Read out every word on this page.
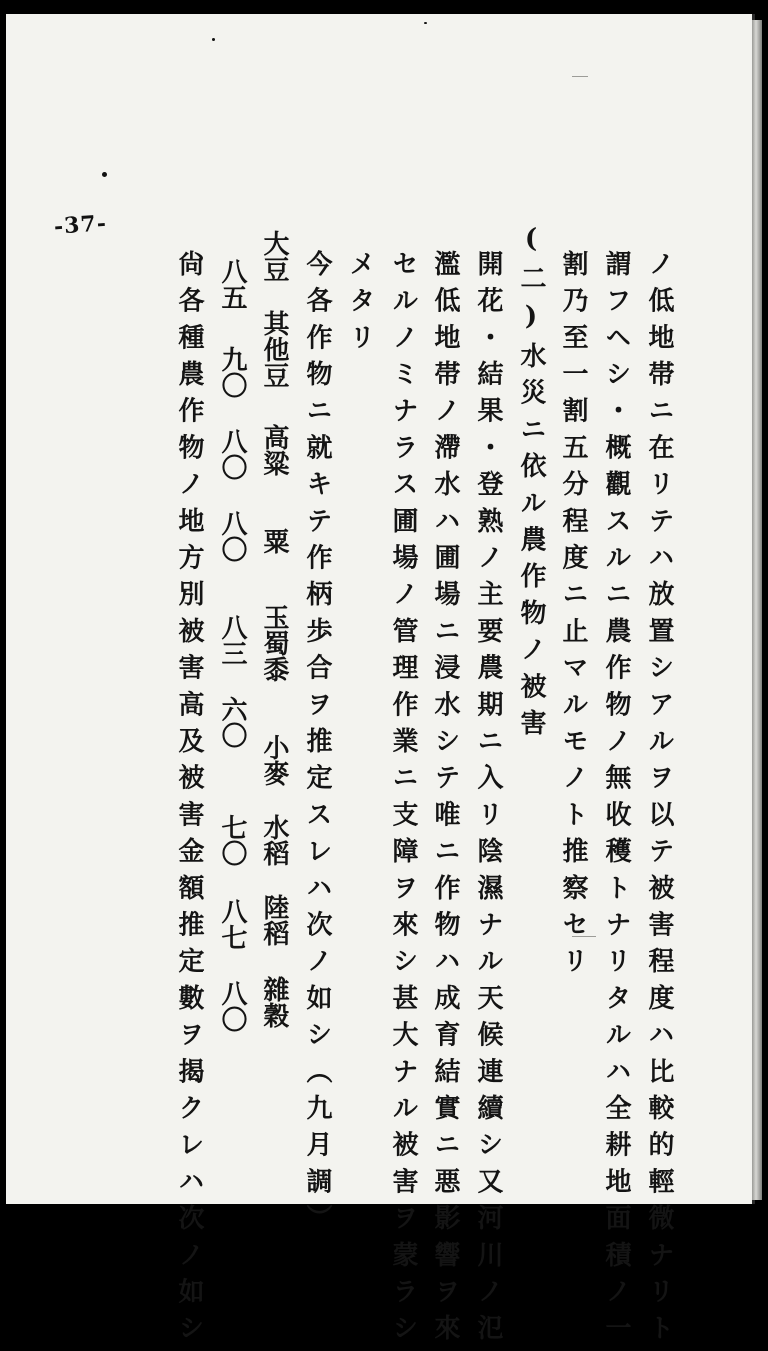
-37-
ノ低地帯ニ在リテハ放置シアルヲ以テ被害程度ハ比較的輕微ナリト
謂フヘシ・概觀スルニ農作物ノ無收穫トナリタルハ全耕地面積ノ一
割乃至一割五分程度ニ止マルモノト推察セリ
(二)水災ニ依ル農作物ノ被害
開花・結果・登熟ノ主要農期ニ入リ陰濕ナル天候連續シ又河川ノ氾
濫低地帯ノ滯水ハ圃場ニ浸水シテ唯ニ作物ハ成育結實ニ悪影響ヲ來
セルノミナラス圃場ノ管理作業ニ支障ヲ來シ甚大ナル被害ヲ蒙ラシ
メタリ
今各作物ニ就キテ作柄歩合ヲ推定スレハ次ノ如シ（九月調）
大豆
其他豆
高粱
粟
玉蜀黍
小麥
水稻
陸稻
雜穀
八五
九〇
八〇
八〇
八三
六〇
七〇
八七
八〇
尙各種農作物ノ地方別被害高及被害金額推定數ヲ揭クレハ次ノ如シ
